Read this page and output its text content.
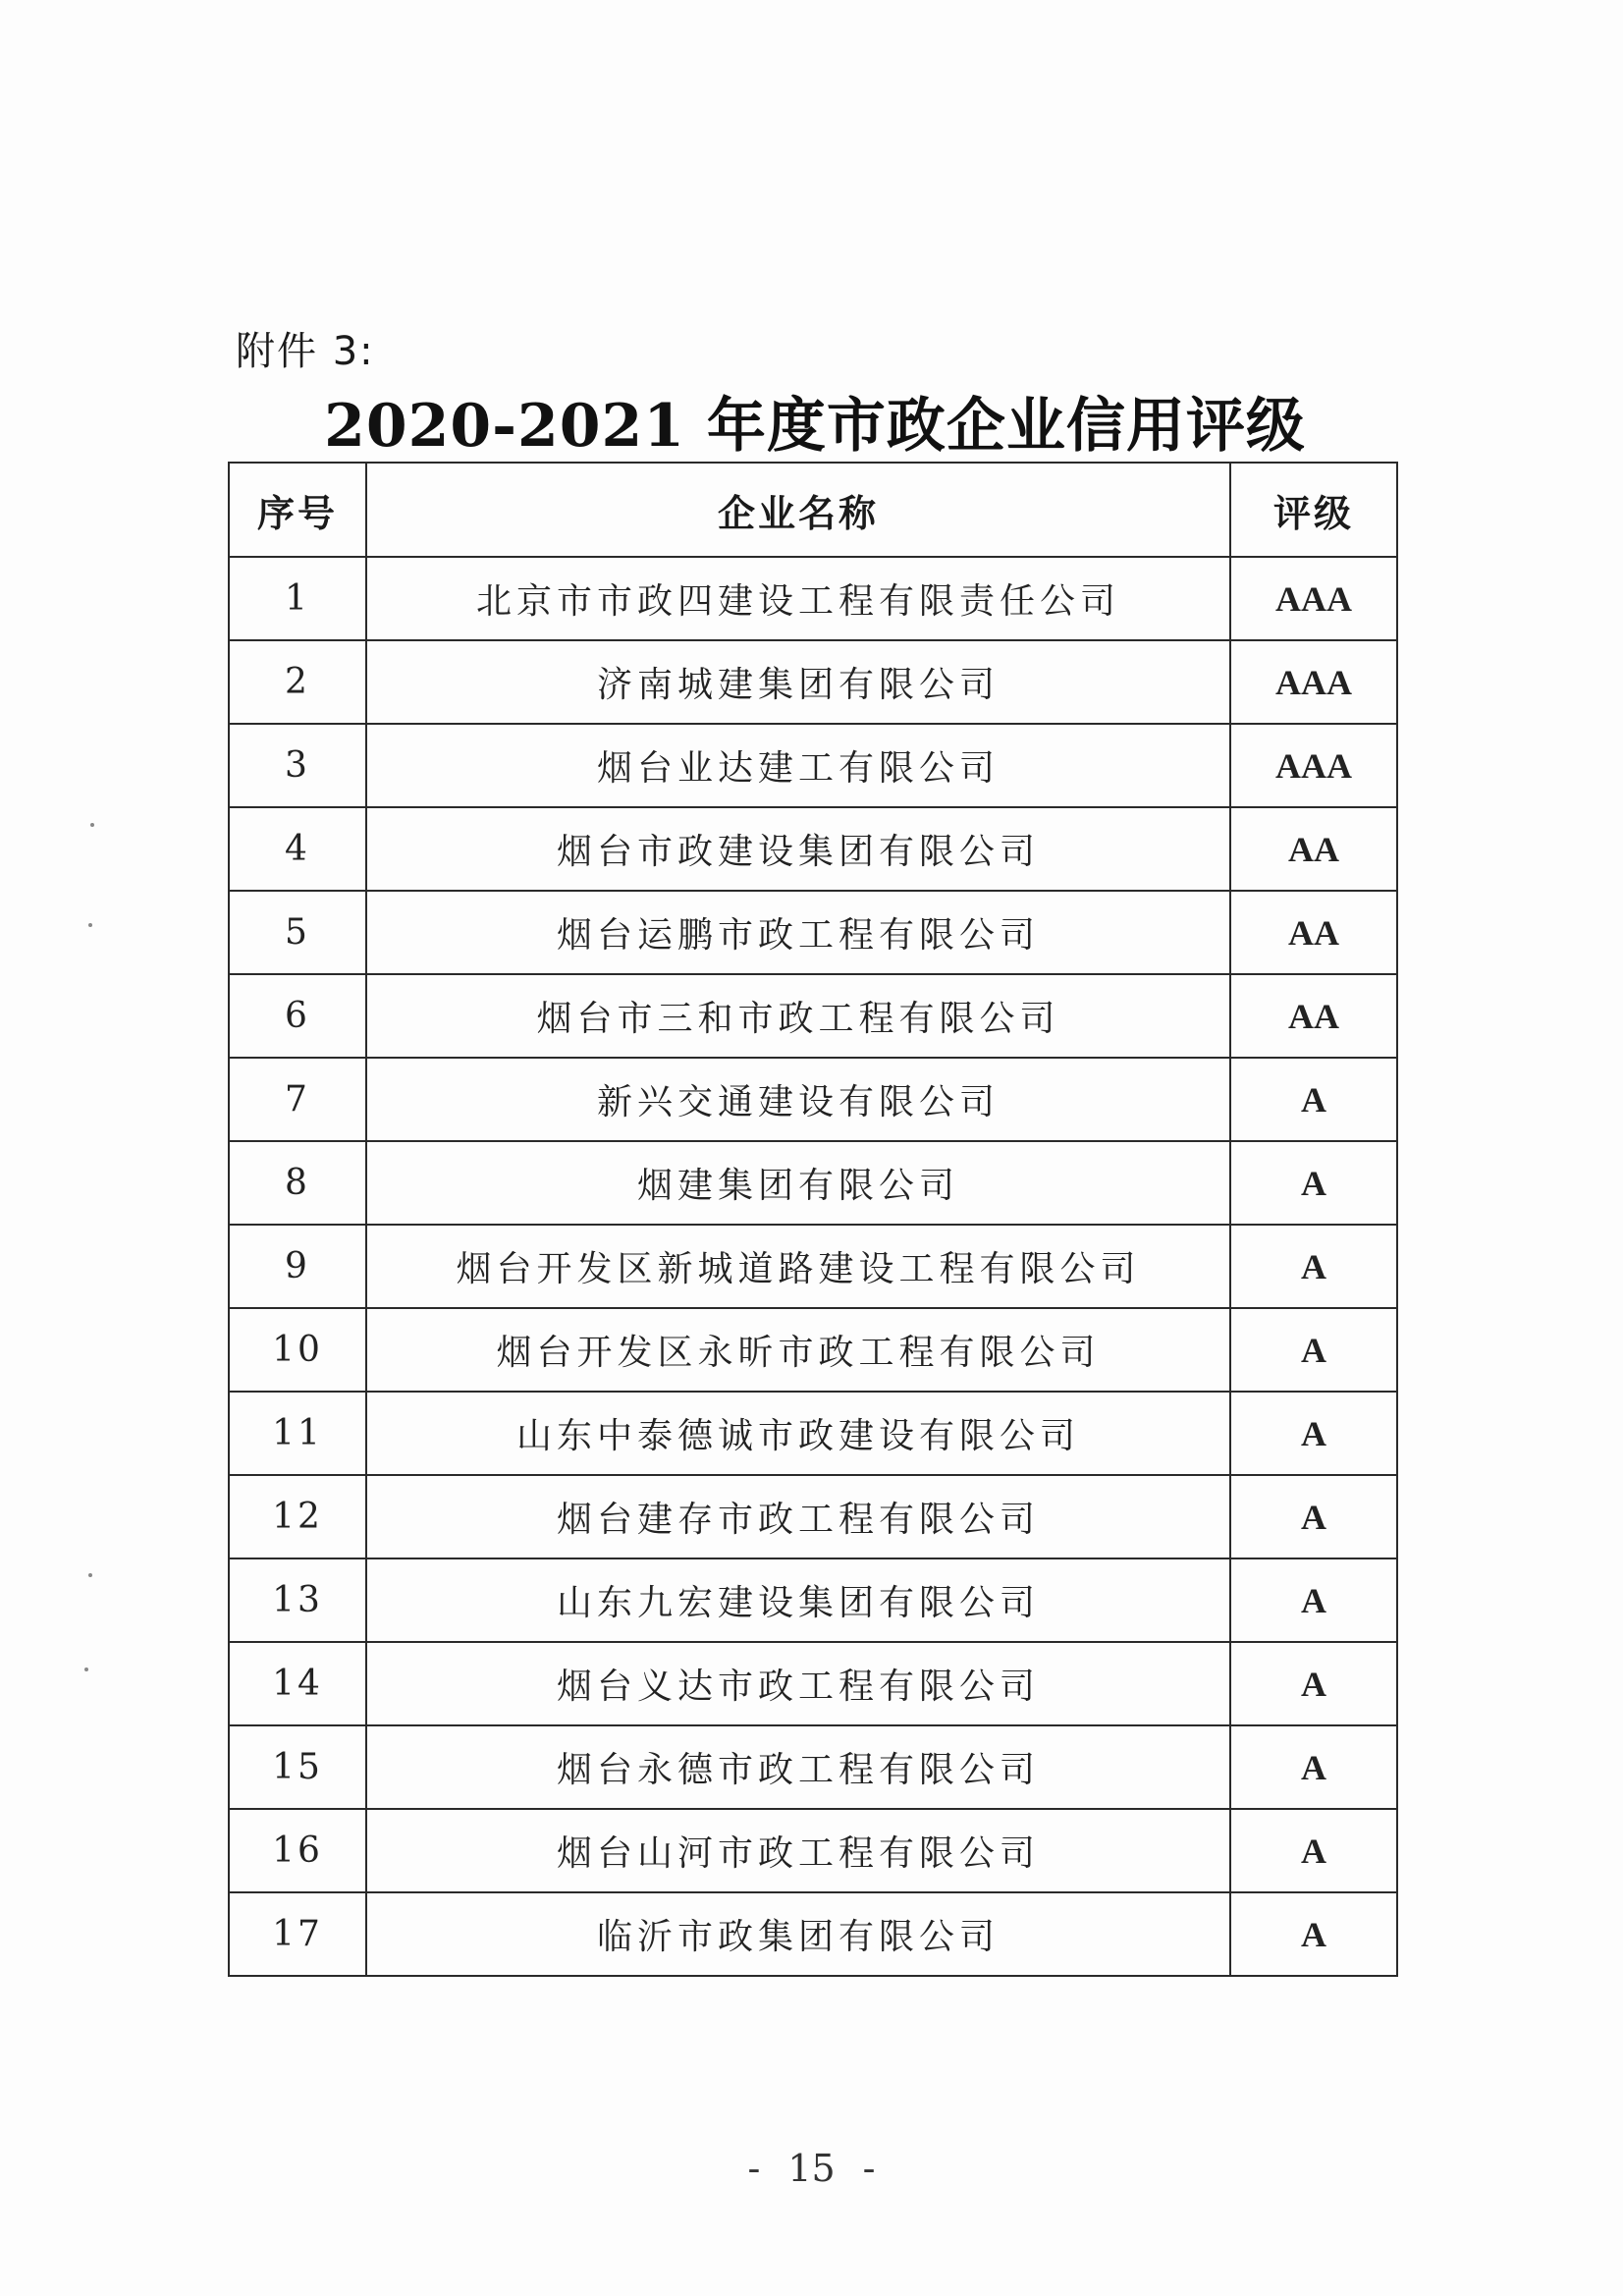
附件 3:
2020-2021 年度市政企业信用评级
序号	企业名称	评级
1	北京市市政四建设工程有限责任公司	AAA
2	济南城建集团有限公司	AAA
3	烟台业达建工有限公司	AAA
4	烟台市政建设集团有限公司	AA
5	烟台运鹏市政工程有限公司	AA
6	烟台市三和市政工程有限公司	AA
7	新兴交通建设有限公司	A
8	烟建集团有限公司	A
9	烟台开发区新城道路建设工程有限公司	A
10	烟台开发区永昕市政工程有限公司	A
11	山东中泰德诚市政建设有限公司	A
12	烟台建存市政工程有限公司	A
13	山东九宏建设集团有限公司	A
14	烟台义达市政工程有限公司	A
15	烟台永德市政工程有限公司	A
16	烟台山河市政工程有限公司	A
17	临沂市政集团有限公司	A
- 15 -
